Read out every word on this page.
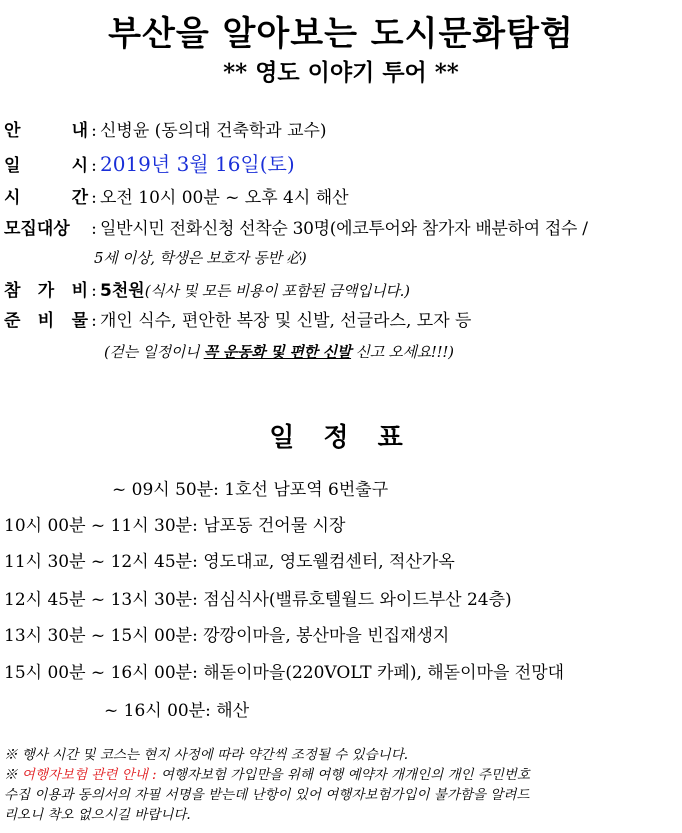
부산을 알아보는 도시문화탐험
** 영도 이야기 투어 **
안 내 : 신병윤 (동의대 건축학과 교수)
일 시 : 2019년 3월 16일(토)
시 간 : 오전 10시 00분 ~ 오후 4시 해산
모집대상 : 일반시민 전화신청 선착순 30명(에코투어와 참가자 배분하여 접수 /
5세 이상, 학생은 보호자 동반 必)
참 가 비 : 5천원(식사 및 모든 비용이 포함된 금액입니다.)
준 비 물 : 개인 식수, 편안한 복장 및 신발, 선글라스, 모자 등
(걷는 일정이니 꼭 운동화 및 편한 신발 신고 오세요!!!)
일 정 표
~ 09시 50분: 1호선 남포역 6번출구
10시 00분 ~ 11시 30분: 남포동 건어물 시장
11시 30분 ~ 12시 45분: 영도대교, 영도웰컴센터, 적산가옥
12시 45분 ~ 13시 30분: 점심식사(밸류호텔월드 와이드부산 24층)
13시 30분 ~ 15시 00분: 깡깡이마을, 봉산마을 빈집재생지
15시 00분 ~ 16시 00분: 해돋이마을(220VOLT 카페), 해돋이마을 전망대
~ 16시 00분: 해산
※ 행사 시간 및 코스는 현지 사정에 따라 약간씩 조정될 수 있습니다.
※ 여행자보험 관련 안내 : 여행자보험 가입만을 위해 여행 예약자 개개인의 개인 주민번호
수집 이용과 동의서의 자필 서명을 받는데 난항이 있어 여행자보험가입이 불가함을 알려드
리오니 착오 없으시길 바랍니다.
